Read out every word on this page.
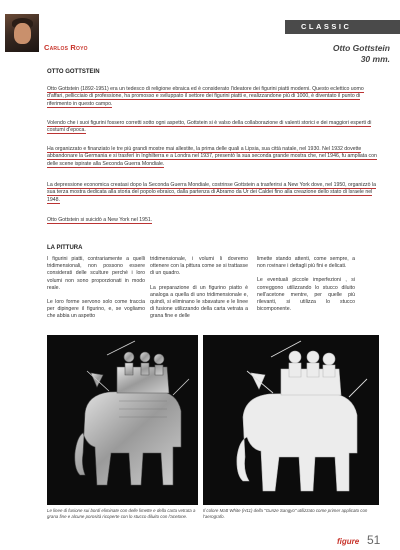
Carlos Royo
CLASSIC
Otto Gottstein
30 mm.
OTTO GOTTSTEIN

Otto Gottstein (1892-1951) era un tedesco di religione ebraica ed è considerato l'ideatore dei figurini piatti moderni. Questo eclettico uomo d'affari, pellicciaio di professione, ha promosso e sviluppato il settore dei figurini piatti e, realizzandone più di 1000, è diventato il punto di riferimento in questo campo.

Volendo che i suoi figurini fossero corretti sotto ogni aspetto, Gottstein si è valso della collaborazione di valenti storici e dei maggiori esperti di costumi d'epoca.

Ha organizzato e finanziato le tre più grandi mostre mai allestite, la prima delle quali a Lipsia, sua città natale, nel 1930. Nel 1932 dovette abbandonare la Germania e si trasferì in Inghilterra e a Londra nel 1937, presentò la sua seconda grande mostra che, nel 1946, fu ampliata con delle scene ispirate alla Seconda Guerra Mondiale.

La depressione economica creatasi dopo la Seconda Guerra Mondiale, costrinse Gottstein a trasferirsi a New York dove, nel 1950, organizzò la sua terza mostra dedicata alla storia del popolo ebraico, dalla partenza di Abramo da Ur dei Caldei fino alla creazione dello stato di Israele nel 1948.

Otto Gottstein si suicidò a New York nel 1951.

LA PITTURA

I figurini piatti, contrariamente a quelli tridimensionali, non possono essere considerati delle sculture perché i loro volumi non sono proporzionati in modo reale.

Le loro forme servono solo come traccia per dipingere il figurino, e, se vogliamo che abbia un aspetto

tridimensionale, i volumi li dovremo ottenere con la pittura come se si trattasse di un quadro.

La preparazione di un figurino piatto è analoga a quella di uno tridimensionale e, quindi, si eliminano le sbavature e le linee di fusione utilizzando della carta vetrata a grana fine e delle

limette stando attenti, come sempre, a non rovinare i dettagli più fini e delicati.

Le eventuali piccole imperfezioni , si correggono utilizzando lo stucco diluito nell'acetone mentre, per quelle più rilevanti, si utilizza lo stucco bicomponente.

Le linee di fusione sui bordi eliminate con delle limette e della carta vetrata a grana fine e alcune porosità ricoperte con lo stucco diluito con l'acetone.

Il colore Matt White (H11) della "Gunze Sangyo" utilizzato come primer applicato con l'aerografo.

figure 51
